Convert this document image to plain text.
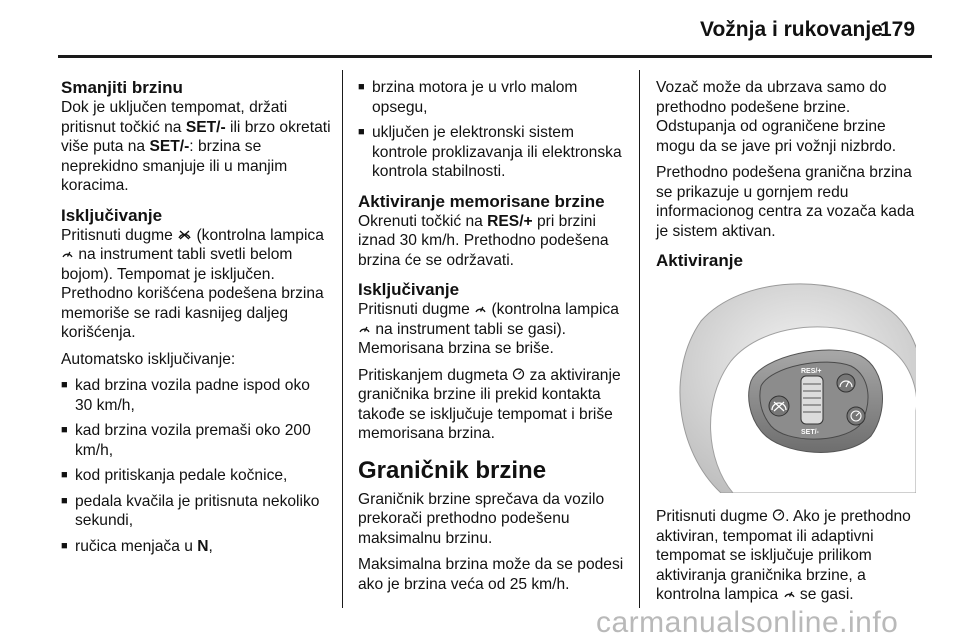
Vožnja i rukovanje
179
Smanjiti brzinu

Dok je uključen tempomat, držati pritisnut točkić na SET/- ili brzo okretati više puta na SET/-: brzina se neprekidno smanjuje ili u manjim koracima.

Isključivanje

Pritisnuti dugme  (kontrolna lampica  na instrument tabli svetli belom bojom). Tempomat je isključen. Prethodno korišćena podešena brzina memoriše se radi kasnijeg daljeg korišćenja.

Automatsko isključivanje:

■ kad brzina vozila padne ispod oko 30 km/h,
■ kad brzina vozila premaši oko 200 km/h,
■ kod pritiskanja pedale kočnice,
■ pedala kvačila je pritisnuta nekoliko sekundi,
■ ručica menjača u N,
■ brzina motora je u vrlo malom opsegu,
■ uključen je elektronski sistem kontrole proklizavanja ili elektronska kontrola stabilnosti.
Aktiviranje memorisane brzine

Okrenuti točkić na RES/+ pri brzini iznad 30 km/h. Prethodno podešena brzina će se održavati.

Isključivanje

Pritisnuti dugme  (kontrolna lampica  na instrument tabli se gasi). Memorisana brzina se briše.

Pritiskanjem dugmeta  za aktiviranje graničnika brzine ili prekid kontakta takođe se isključuje tempomat i briše memorisana brzina.

Graničnik brzine

Graničnik brzine sprečava da vozilo prekorači prethodno podešenu maksimalnu brzinu.

Maksimalna brzina može da se podesi ako je brzina veća od 25 km/h.

Vozač može da ubrzava samo do prethodno podešene brzine. Odstupanja od ograničene brzine mogu da se jave pri vožnji nizbrdo.

Prethodno podešena granična brzina se prikazuje u gornjem redu informacionog centra za vozača kada je sistem aktivan.

Aktiviranje
RES/+
SET/-

Pritisnuti dugme . Ako je prethodno aktiviran, tempomat ili adaptivni tempomat se isključuje prilikom aktiviranja graničnika brzine, a kontrolna lampica  se gasi.

carmanualsonline.info
